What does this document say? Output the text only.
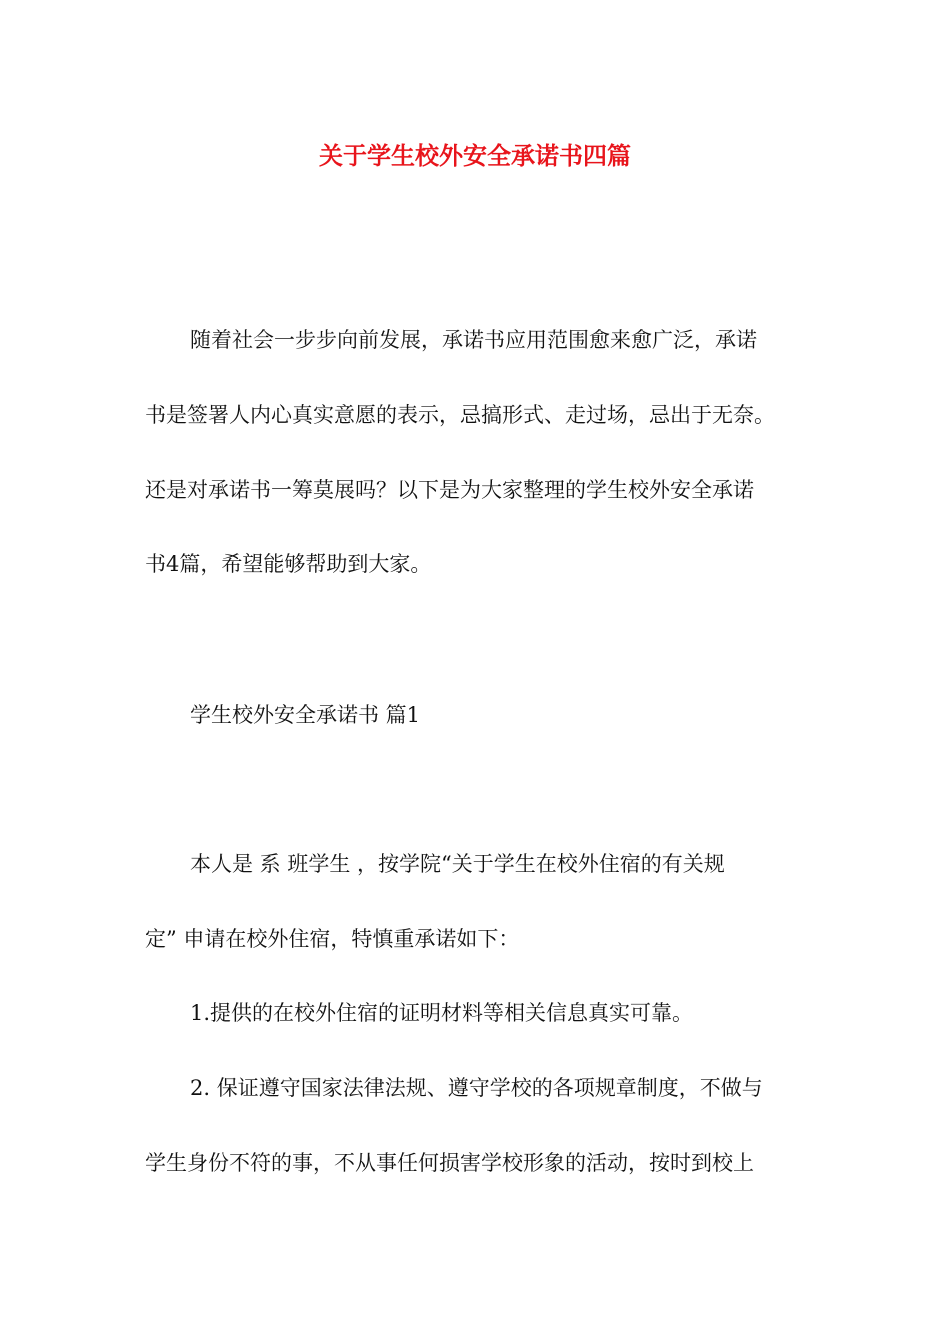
关于学生校外安全承诺书四篇
随着社会一步步向前发展，承诺书应用范围愈来愈广泛，承诺
书是签署人内心真实意愿的表示，忌搞形式、走过场，忌出于无奈。
还是对承诺书一筹莫展吗？以下是为大家整理的学生校外安全承诺
书4篇，希望能够帮助到大家。
学生校外安全承诺书 篇1
本人是 系 班学生 ，按学院“关于学生在校外住宿的有关规
定” 申请在校外住宿，特慎重承诺如下：
1.提供的在校外住宿的证明材料等相关信息真实可靠。
2. 保证遵守国家法律法规、遵守学校的各项规章制度，不做与
学生身份不符的事，不从事任何损害学校形象的活动，按时到校上
